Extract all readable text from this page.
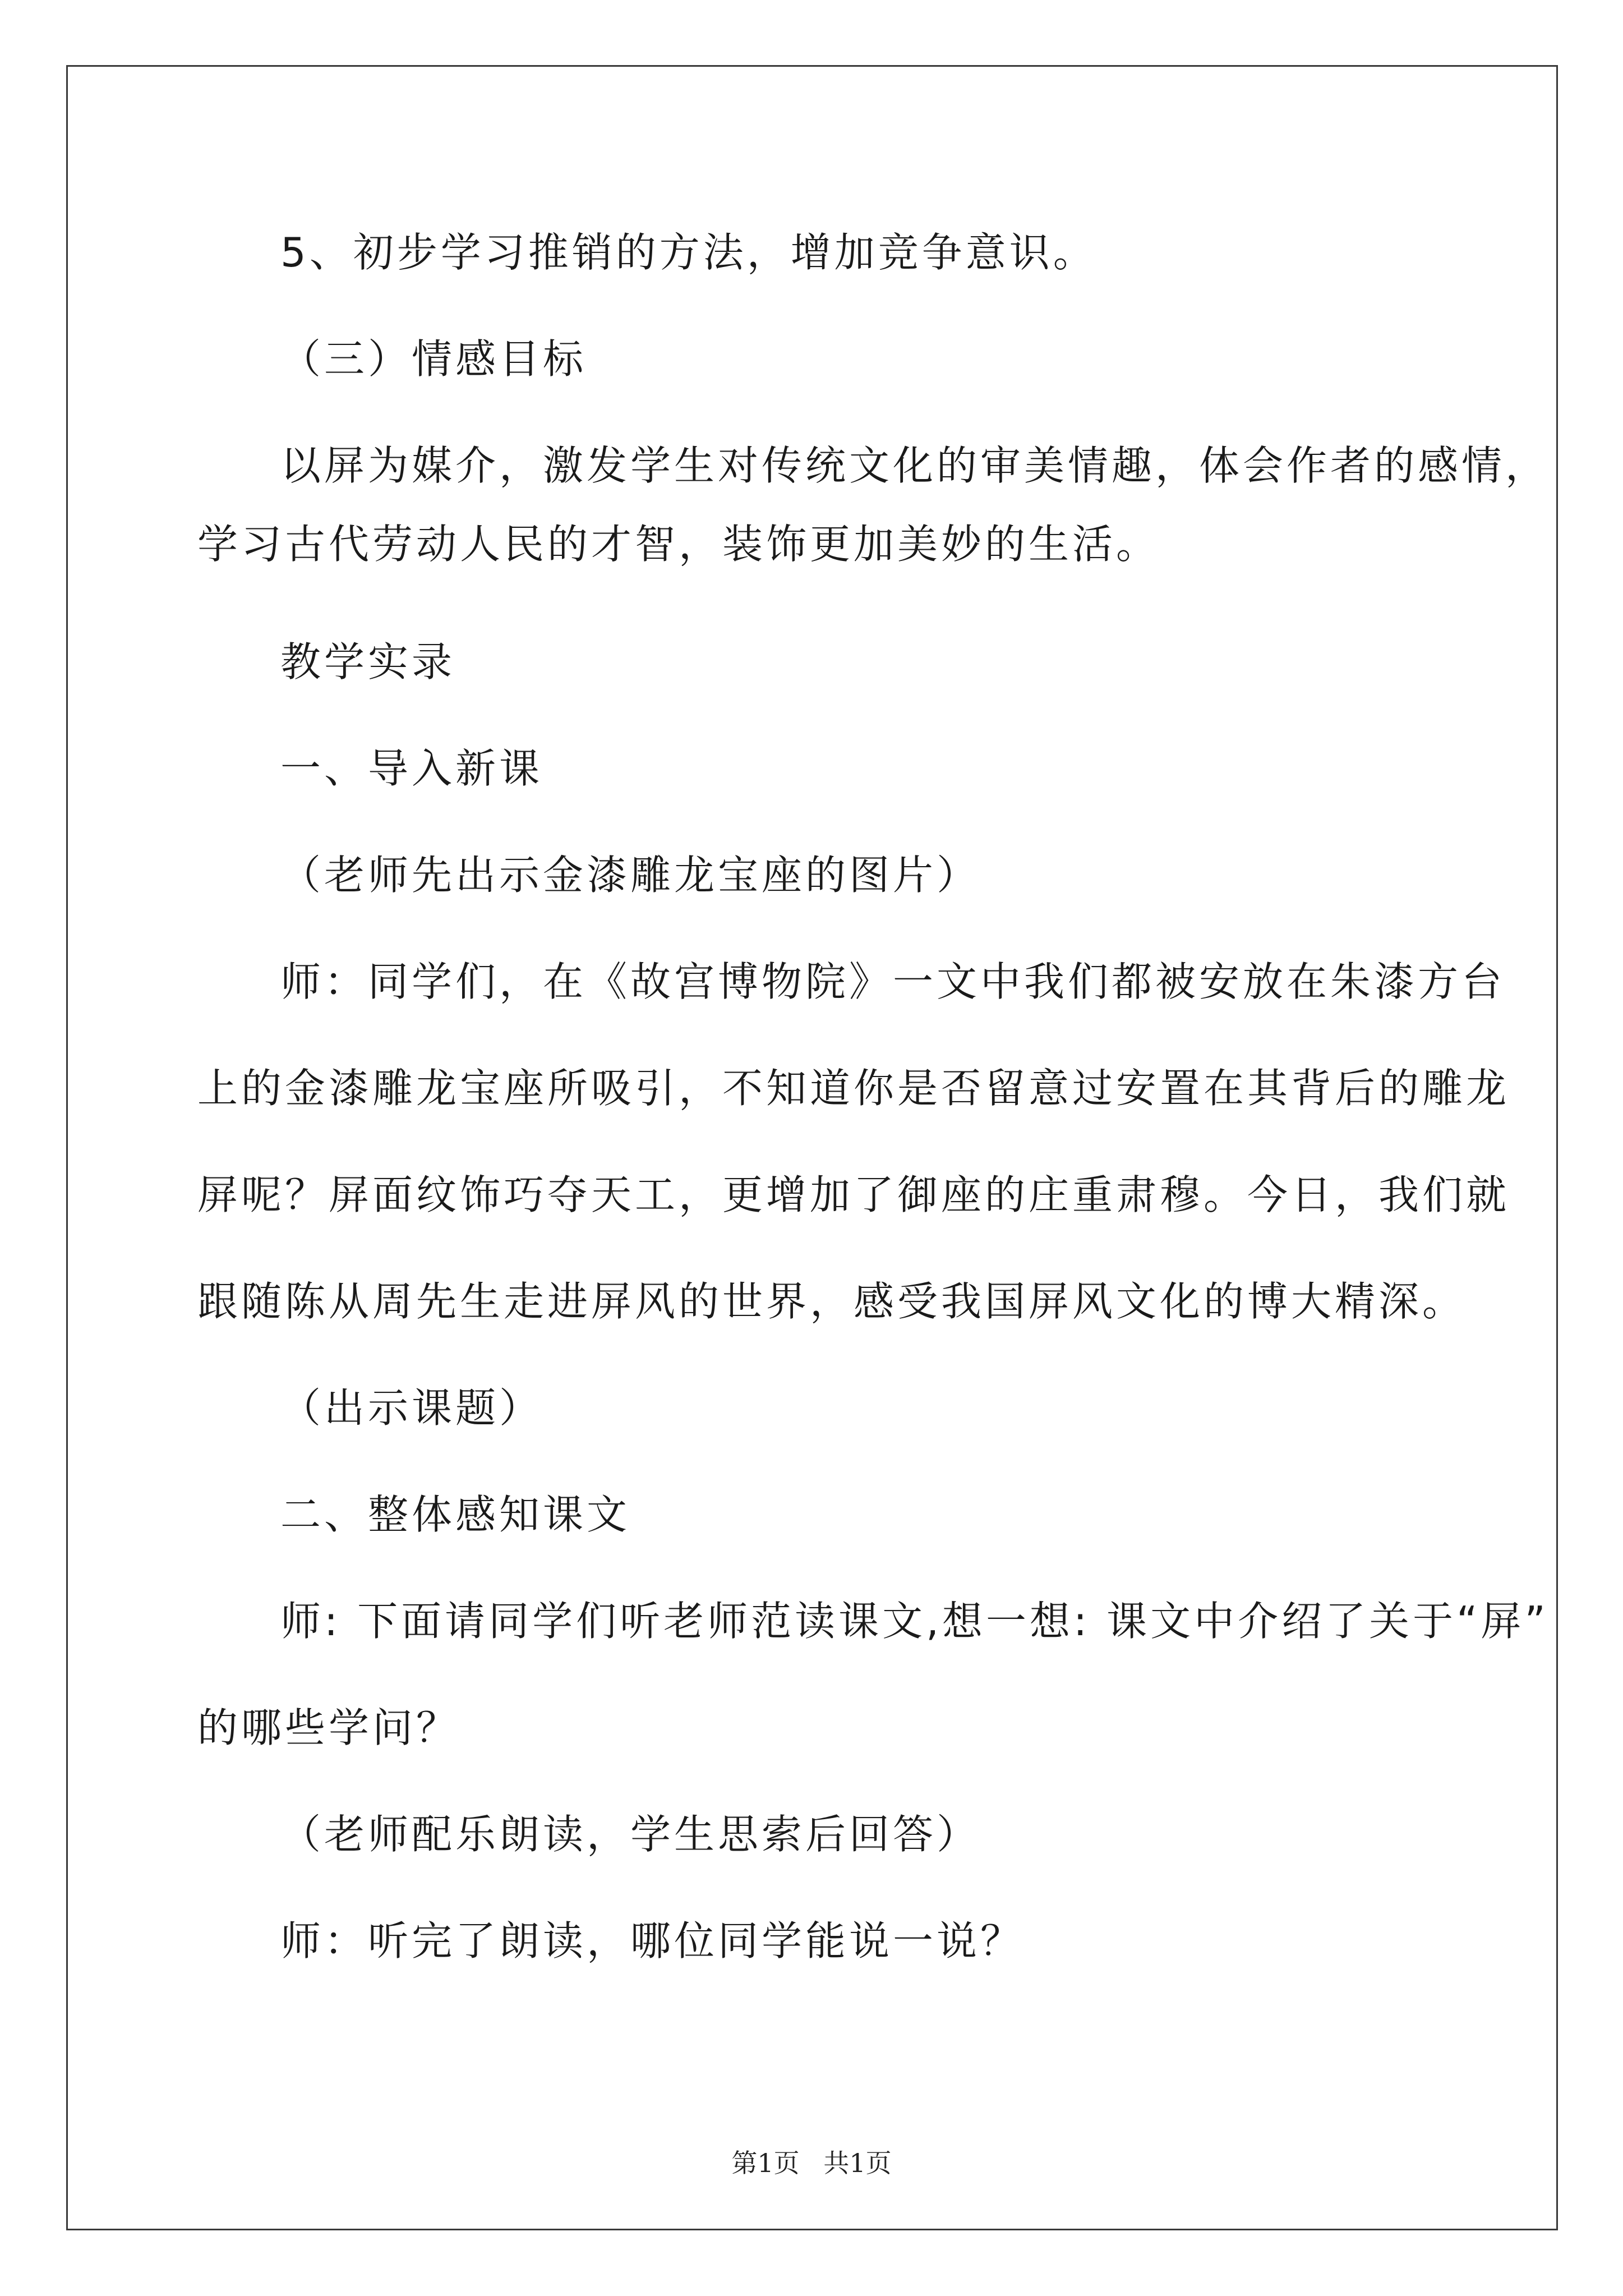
5、初步学习推销的方法，增加竞争意识。
（三）情感目标
以屏为媒介，激发学生对传统文化的审美情趣，体会作者的感情，
学习古代劳动人民的才智，装饰更加美妙的生活。
教学实录
一、导入新课
（老师先出示金漆雕龙宝座的图片）
师：同学们，在《故宫博物院》一文中我们都被安放在朱漆方台
上的金漆雕龙宝座所吸引，不知道你是否留意过安置在其背后的雕龙
屏呢？屏面纹饰巧夺天工，更增加了御座的庄重肃穆。今日，我们就
跟随陈从周先生走进屏风的世界，感受我国屏风文化的博大精深。
（出示课题）
二、整体感知课文
师: 下面请同学们听老师范读课文,想一想: 课文中介绍了关于“屏”
的哪些学问？
（老师配乐朗读，学生思索后回答）
师：听完了朗读，哪位同学能说一说？
第1页 共1页
